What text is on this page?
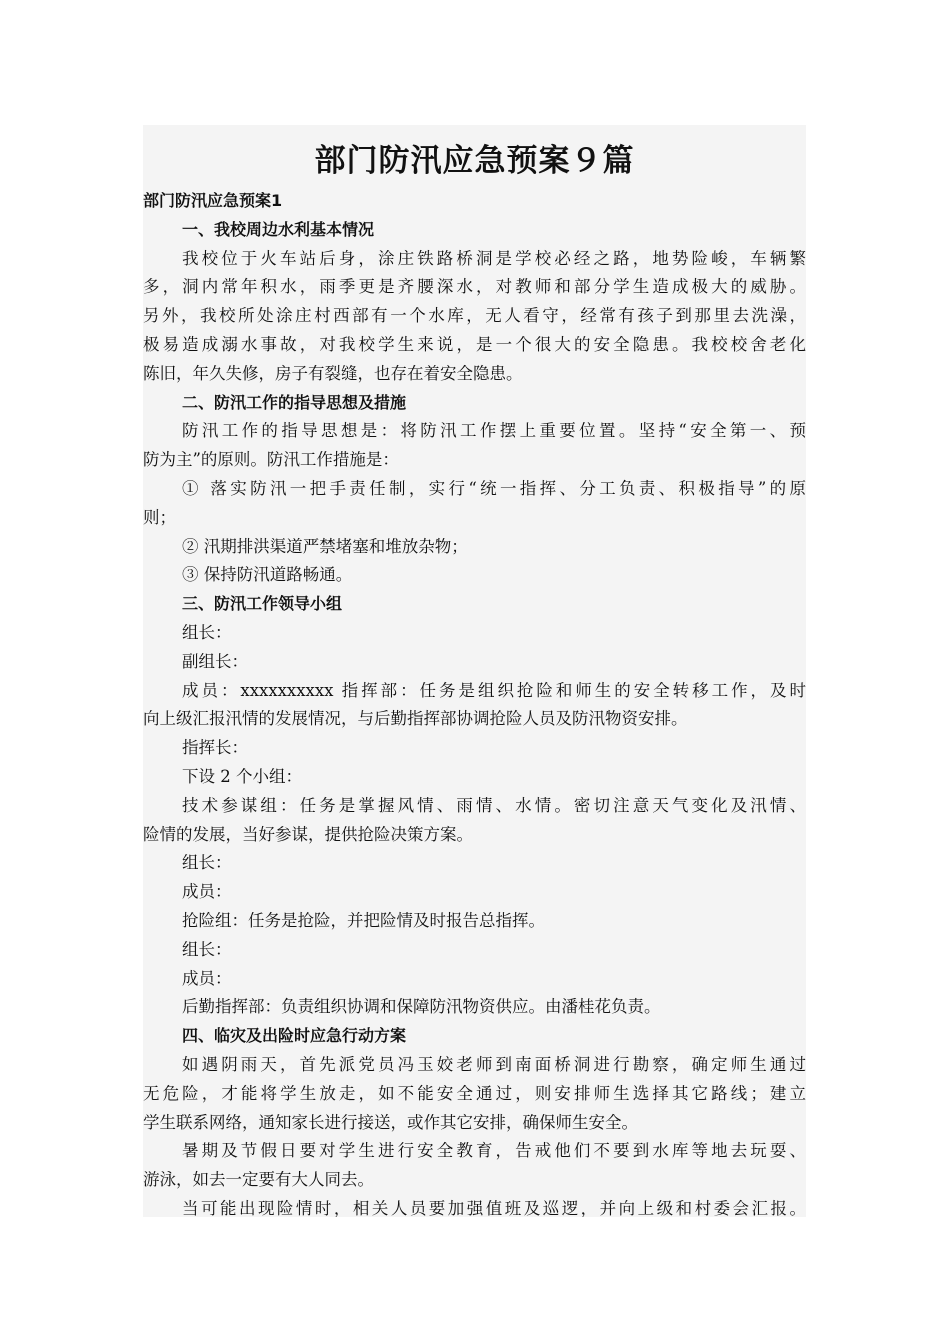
部门防汛应急预案９篇
部门防汛应急预案1
一、我校周边水利基本情况
我校位于火车站后身，涂庄铁路桥洞是学校必经之路，地势险峻，车辆繁
多，洞内常年积水，雨季更是齐腰深水，对教师和部分学生造成极大的威胁。
另外，我校所处涂庄村西部有一个水库，无人看守，经常有孩子到那里去洗澡，
极易造成溺水事故，对我校学生来说，是一个很大的安全隐患。我校校舍老化
陈旧，年久失修，房子有裂缝，也存在着安全隐患。
二、防汛工作的指导思想及措施
防汛工作的指导思想是：将防汛工作摆上重要位置。坚持“安全第一、预
防为主”的原则。防汛工作措施是：
① 落实防汛一把手责任制，实行“统一指挥、分工负责、积极指导”的原
则；
② 汛期排洪渠道严禁堵塞和堆放杂物；
③ 保持防汛道路畅通。
三、防汛工作领导小组
组长：
副组长：
成员：xxxxxxxxxx 指挥部：任务是组织抢险和师生的安全转移工作，及时
向上级汇报汛情的发展情况，与后勤指挥部协调抢险人员及防汛物资安排。
指挥长：
下设 2 个小组：
技术参谋组：任务是掌握风情、雨情、水情。密切注意天气变化及汛情、
险情的发展，当好参谋，提供抢险决策方案。
组长：
成员：
抢险组：任务是抢险，并把险情及时报告总指挥。
组长：
成员：
后勤指挥部：负责组织协调和保障防汛物资供应。由潘桂花负责。
四、临灾及出险时应急行动方案
如遇阴雨天，首先派党员冯玉姣老师到南面桥洞进行勘察，确定师生通过
无危险，才能将学生放走，如不能安全通过，则安排师生选择其它路线；建立
学生联系网络，通知家长进行接送，或作其它安排，确保师生安全。
暑期及节假日要对学生进行安全教育，告戒他们不要到水库等地去玩耍、
游泳，如去一定要有大人同去。
当可能出现险情时，相关人员要加强值班及巡逻，并向上级和村委会汇报。
